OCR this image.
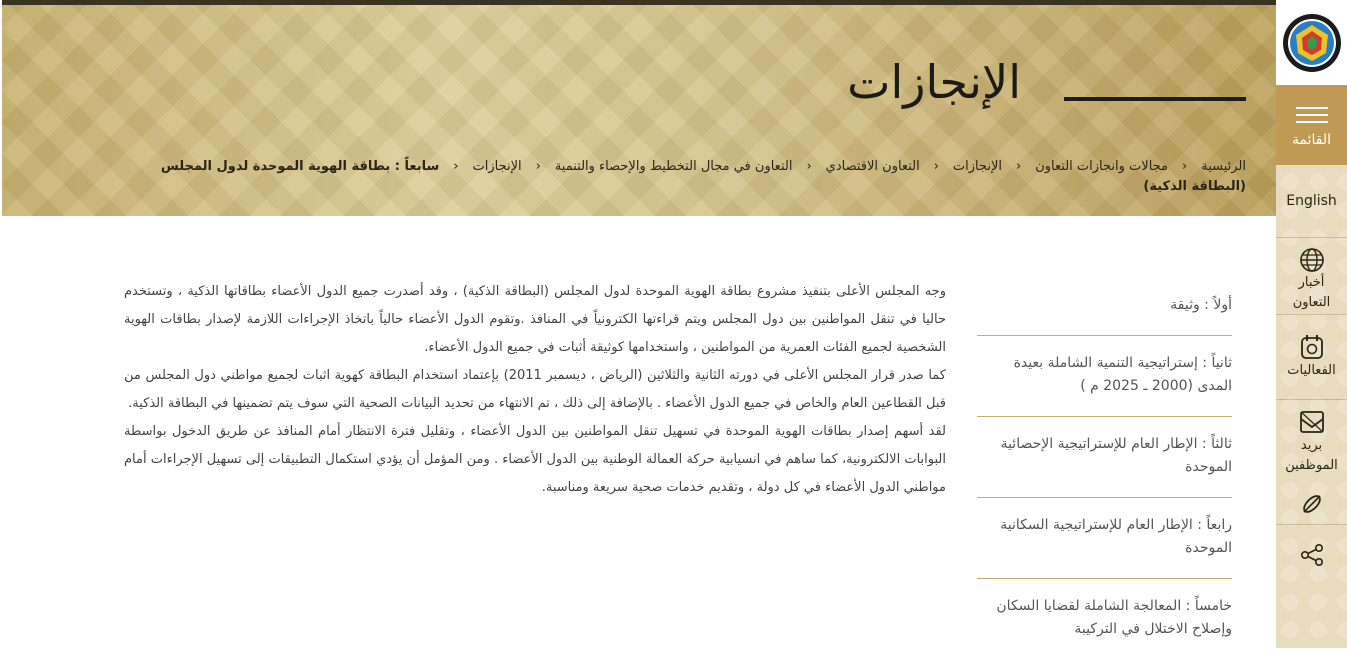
الإنجازات
الرئيسية‹مجالات وانجازات التعاون‹الإنجازات‹التعاون الاقتصادي‹التعاون في مجال التخطيط والإحصاء والتنمية‹الإنجازات‹سابعاً : بطاقة الهوية الموحدة لدول المجلس (البطاقة الذكية)

وجه المجلس الأعلى بتنفيذ مشروع بطاقة الهوية الموحدة لدول المجلس (البطاقة الذكية) ، وقد أصدرت جميع الدول الأعضاء بطاقاتها الذكية ، وتستخدم حاليا في تنقل المواطنين بين دول المجلس ويتم قراءتها الكترونياً في المنافذ .وتقوم الدول الأعضاء حالياً باتخاذ الإجراءات اللازمة لإصدار بطاقات الهوية الشخصية لجميع الفئات العمرية من المواطنين ، واستخدامها كوثيقة أثبات في جميع الدول الأعضاء.

كما صدر قرار المجلس الأعلى في دورته الثانية والثلاثين (الرياض ، ديسمبر 2011) بإعتماد استخدام البطاقة كهوية اثبات لجميع مواطني دول المجلس من قبل القطاعين العام والخاص في جميع الدول الأعضاء . بالإضافة إلى ذلك ، تم الانتهاء من تحديد البيانات الصحية التي سوف يتم تضمينها في البطاقة الذكية.

لقد أسهم إصدار بطاقات الهوية الموحدة في تسهيل تنقل المواطنين بين الدول الأعضاء ، وتقليل فترة الانتظار أمام المنافذ عن طريق الدخول بواسطة البوابات الالكترونية، كما ساهم في انسيابية حركة العمالة الوطنية بين الدول الأعضاء . ومن المؤمل أن يؤدي استكمال التطبيقات إلى تسهيل الإجراءات أمام مواطني الدول الأعضاء في كل دولة ، وتقديم خدمات صحية سريعة ومناسبة.

أولاً : وثيقة
ثانياً : إستراتيجية التنمية الشاملة بعيدة المدى (2000 ـ 2025 م )
ثالثاً : الإطار العام للإستراتيجية الإحصائية الموحدة
رابعاً : الإطار العام للإستراتيجية السكانية الموحدة
خامساً : المعالجة الشاملة لقضايا السكان وإصلاح الاختلال في التركيبة
القائمة
English
أخبار
التعاون
الفعاليات
بريد
الموظفين
